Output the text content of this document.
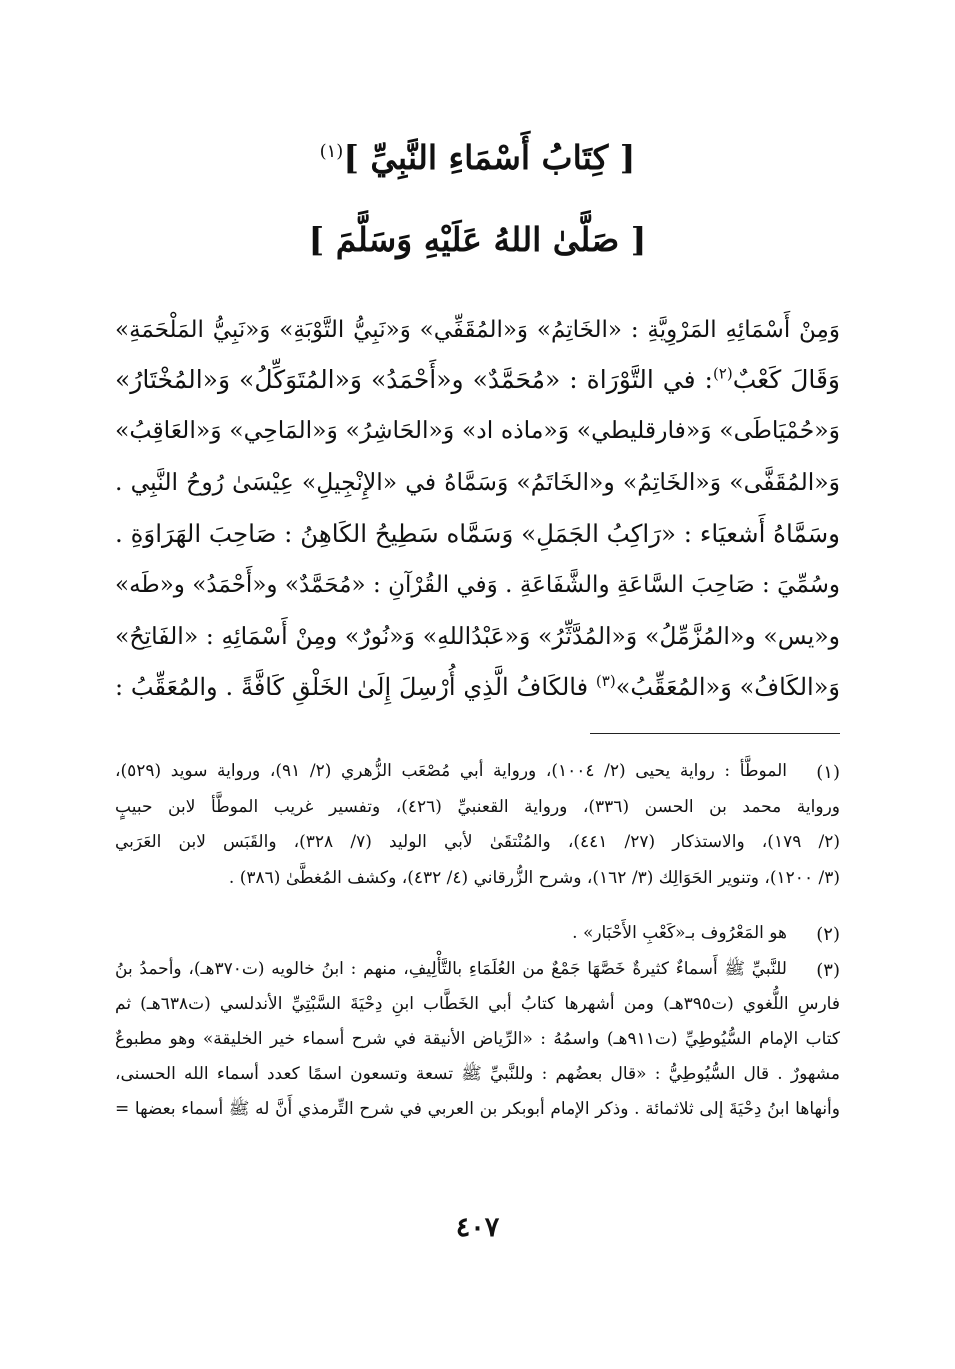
[ كِتَابُ أَسْمَاءِ النَّبِيِّ ]$^{(١)}$
[ صَلَّىٰ اللهُ عَلَيْهِ وَسَلَّمَ ]
وَمِنْ أَسْمَائِهِ المَرْوِيَّةِ : «الخَاتِمُ» وَ«المُقَفِّي» وَ«نَبِيُّ التَّوْبَةِ» وَ«نَبِيُّ المَلْحَمَةِ»
وَقَالَ كَعْبٌ$^{(٢)}$: في التَّوْرَاة : «مُحَمَّدٌ» و«أَحْمَدُ» وَ«المُتَوَكِّلُ» وَ«المُخْتَارُ»
وَ«حُمْيَاطَى» وَ«فارقليطي» وَ«ماذه اد» وَ«الحَاشِرُ» وَ«المَاحِي» وَ«العَاقِبُ»
وَ«المُقَفَّى» وَ«الخَاتِمُ» و«الخَاتَمُ» وَسَمَّاهُ في «الإِنْجِيلِ» عِيْسَىٰ رُوحُ النَّبِي .
وسَمَّاهُ أَشعيَاء : «رَاكِبُ الجَمَلِ» وَسَمَّاه سَطِيحُ الكَاهِنُ : صَاحِبَ الهَرَاوَةِ .
وسُمِّيَ : صَاحِبَ السَّاعَةِ والشَّفَاعَةِ . وَفي القُرْآنِ : «مُحَمَّدٌ» و«أَحْمَدُ» و«طَه»
و«يس» و«المُزَّمِّلُ» وَ«المُدَّثِّرُ» وَ«عَبْدُاللهِ» وَ«نُورٌ» ومِنْ أَسْمَائِهِ : «الفَاتِحُ»
وَ«الكَافُ» وَ«المُعَقِّبُ»$^{(٣)}$ فالكَافُ الَّذِي أُرْسِلَ إِلَىٰ الخَلْقِ كَافَّةً . والمُعَقِّبُ :
(١)
الموطَّأ : رواية يحيى (٢/ ١٠٠٤)، ورواية أبي مُصْعَب الزُّهري (٢/ ٩١)، ورواية سويد (٥٢٩)،
ورواية محمد بن الحسن (٣٣٦)، ورواية القعنبيِّ (٤٢٦)، وتفسير غريب الموطَّأ لابن حبيبٍ
(٢/ ١٧٩)، والاستذكار (٢٧/ ٤٤١)، والمُنْتقَىٰ لأبي الوليد (٧/ ٣٢٨)، والقَبَس لابن العَرَبي
(٣/ ١٢٠٠)، وتنوير الحَوَالِك (٣/ ١٦٢)، وشرح الزُّرقاني (٤/ ٤٣٢)، وكشف المُغطَّىٰ (٣٨٦) .
(٢)
هو المَعْرُوف بـ«كَعْبِ الأَحْبَار» .
(٣)
للنَّبيِّ ﷺ أَسماءٌ كثيرةٌ خَصَّهَا جَمْعٌ من العُلَمَاءِ بالتَّأْلِيفِ، منهم : ابنُ خالويه (ت٣٧٠هـ)، وأحمدُ بنُ
فارسِ اللُّغوي (ت٣٩٥هـ) ومن أشهرها كتابُ أبي الخَطَّاب ابنِ دِحْيَةَ السَّبْتِيِّ الأندلسي (ت٦٣٨هـ) ثم
كتاب الإمام السُّيُوطِيِّ (ت٩١١هـ) واسمُهُ : «الرِّياض الأنيقة في شرح أسماء خير الخليقة» وهو مطبوعٌ
مشهورٌ . قال السُّيُوطِيُّ : «قال بعضُهم : وللنَّبيِّ ﷺ تسعة وتسعون اسمًا كعدد أسماء الله الحسنى،
وأنهاها ابنُ دِحْيَةَ إلى ثلاثمائة . وذكر الإمام أبوبكر بن العربي في شرح التِّرمذي أَنَّ له ﷺ أسماء بعضها =
٤٠٧
